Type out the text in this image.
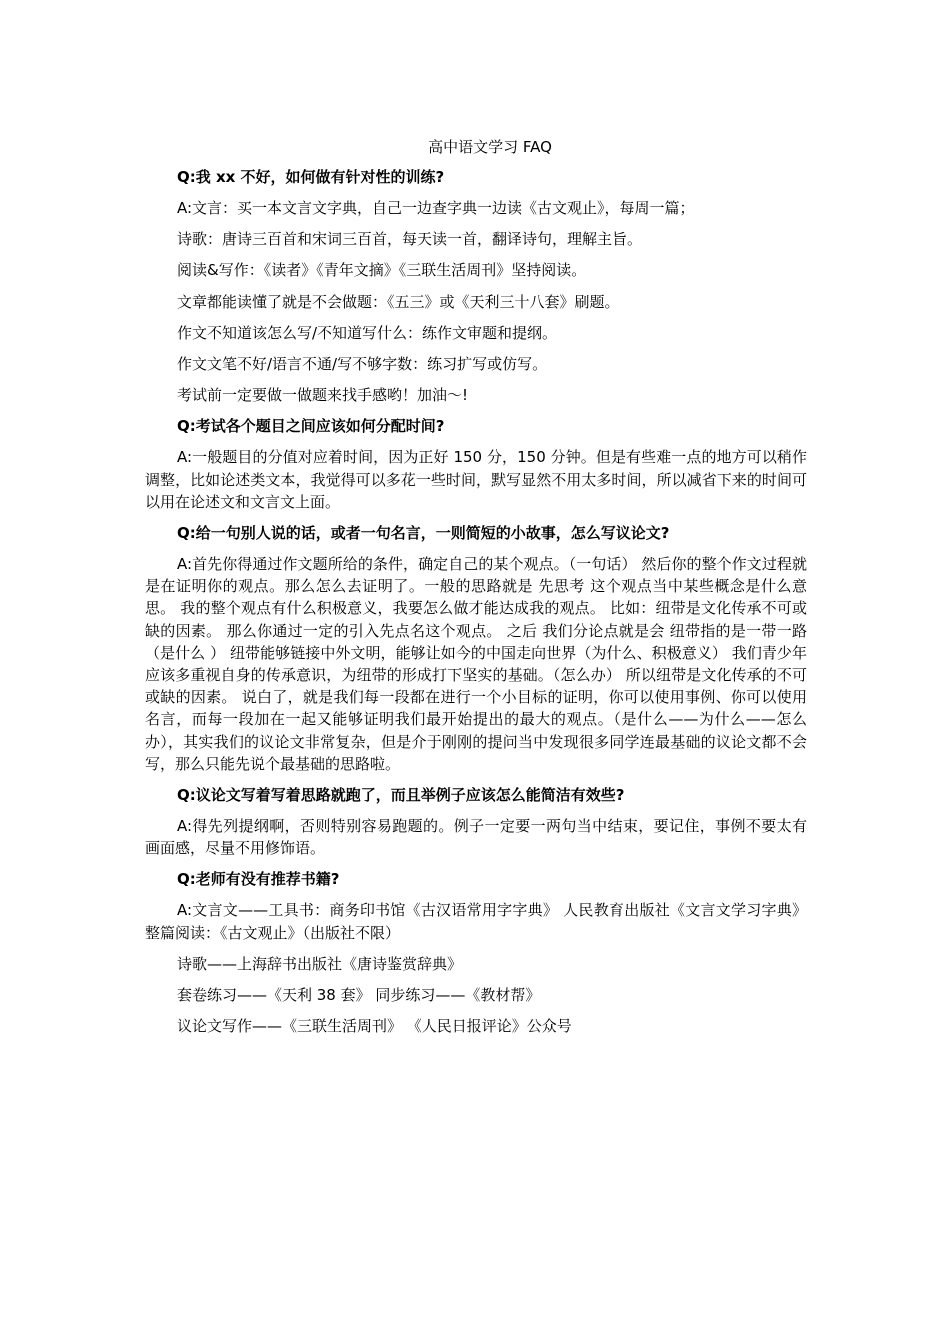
高中语文学习 FAQ
Q:我 xx 不好，如何做有针对性的训练?
A:文言：买一本文言文字典，自己一边查字典一边读《古文观止》，每周一篇；
诗歌：唐诗三百首和宋词三百首，每天读一首，翻译诗句，理解主旨。
阅读&写作：《读者》《青年文摘》《三联生活周刊》坚持阅读。
文章都能读懂了就是不会做题：《五三》或《天利三十八套》刷题。
作文不知道该怎么写/不知道写什么：练作文审题和提纲。
作文文笔不好/语言不通/写不够字数：练习扩写或仿写。
考试前一定要做一做题来找手感哟！加油～!
Q:考试各个题目之间应该如何分配时间?
A:一般题目的分值对应着时间，因为正好 150 分，150 分钟。但是有些难一点的地方可以稍作调整，比如论述类文本，我觉得可以多花一些时间，默写显然不用太多时间，所以减省下来的时间可以用在论述文和文言文上面。
Q:给一句别人说的话，或者一句名言，一则简短的小故事，怎么写议论文?
A:首先你得通过作文题所给的条件，确定自己的某个观点。（一句话） 然后你的整个作文过程就是在证明你的观点。那么怎么去证明了。一般的思路就是 先思考 这个观点当中某些概念是什么意思。 我的整个观点有什么积极意义，我要怎么做才能达成我的观点。 比如：纽带是文化传承不可或缺的因素。 那么你通过一定的引入先点名这个观点。 之后 我们分论点就是会 纽带指的是一带一路（是什么 ） 纽带能够链接中外文明，能够让如今的中国走向世界（为什么、积极意义） 我们青少年应该多重视自身的传承意识，为纽带的形成打下坚实的基础。（怎么办） 所以纽带是文化传承的不可或缺的因素。 说白了，就是我们每一段都在进行一个小目标的证明，你可以使用事例、你可以使用名言，而每一段加在一起又能够证明我们最开始提出的最大的观点。（是什么——为什么——怎么办），其实我们的议论文非常复杂，但是介于刚刚的提问当中发现很多同学连最基础的议论文都不会写，那么只能先说个最基础的思路啦。
Q:议论文写着写着思路就跑了，而且举例子应该怎么能简洁有效些?
A:得先列提纲啊，否则特别容易跑题的。例子一定要一两句当中结束，要记住，事例不要太有画面感，尽量不用修饰语。
Q:老师有没有推荐书籍?
A:文言文——工具书：商务印书馆《古汉语常用字字典》 人民教育出版社《文言文学习字典》 整篇阅读：《古文观止》（出版社不限）
诗歌——上海辞书出版社《唐诗鉴赏辞典》
套卷练习——《天利 38 套》 同步练习——《教材帮》
议论文写作——《三联生活周刊》 《人民日报评论》公众号
